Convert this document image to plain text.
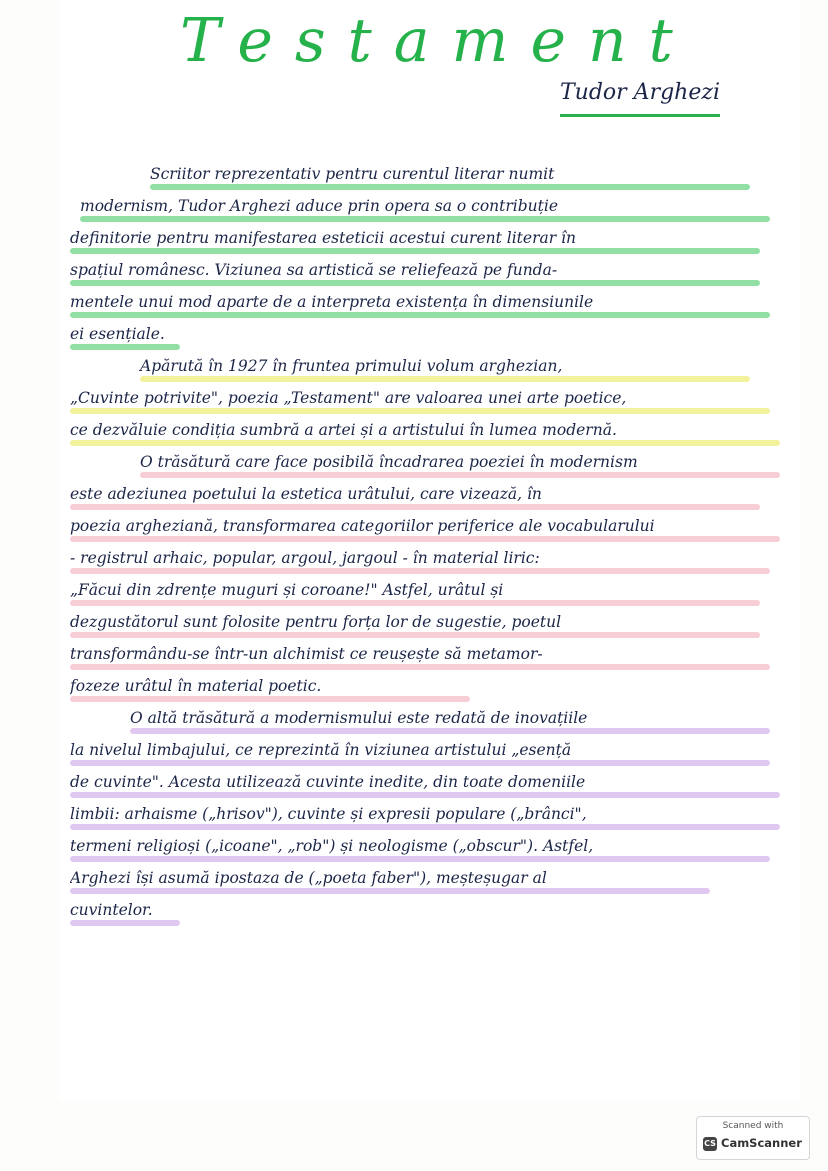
Testament
Tudor Arghezi
Scriitor reprezentativ pentru curentul literar numit
modernism, Tudor Arghezi aduce prin opera sa o contribuție
definitorie pentru manifestarea esteticii acestui curent literar în
spațiul românesc. Viziunea sa artistică se reliefează pe funda-
mentele unui mod aparte de a interpreta existența în dimensiunile
ei esențiale.
Apărută în 1927 în fruntea primului volum arghezian,
„Cuvinte potrivite", poezia „Testament" are valoarea unei arte poetice,
ce dezvăluie condiția sumbră a artei și a artistului în lumea modernă.
O trăsătură care face posibilă încadrarea poeziei în modernism
este adeziunea poetului la estetica urâtului, care vizează, în
poezia argheziană, transformarea categoriilor periferice ale vocabularului
- registrul arhaic, popular, argoul, jargoul - în material liric:
„Făcui din zdrențe muguri și coroane!" Astfel, urâtul și
dezgustătorul sunt folosite pentru forța lor de sugestie, poetul
transformându-se într-un alchimist ce reușește să metamor-
fozeze urâtul în material poetic.
O altă trăsătură a modernismului este redată de inovațiile
la nivelul limbajului, ce reprezintă în viziunea artistului „esență
de cuvinte". Acesta utilizează cuvinte inedite, din toate domeniile
limbii: arhaisme („hrisov"), cuvinte și expresii populare („brânci",
termeni religioși („icoane", „rob") și neologisme („obscur"). Astfel,
Arghezi își asumă ipostaza de („poeta faber"), meșteșugar al
cuvintelor.
Scanned with
CS CamScanner
